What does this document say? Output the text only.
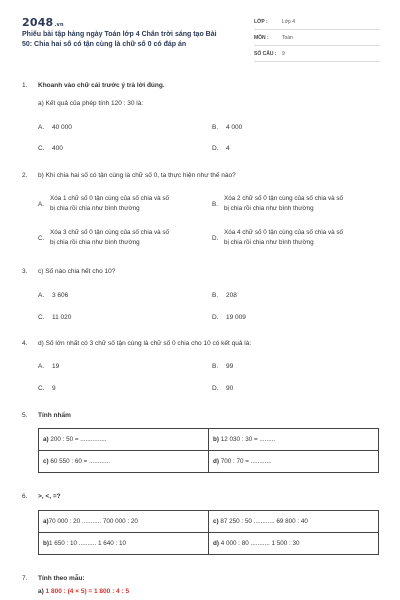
2048.vn
Phiếu bài tập hàng ngày Toán lớp 4 Chân trời sáng tạo Bài
50: Chia hai số có tận cùng là chữ số 0 có đáp án
LỚP :	Lớp 4
MÔN :	Toán
SỐ CÂU :	9
1. Khoanh vào chữ cái trước ý trả lời đúng.
a) Kết quả của phép tính 120 : 30 là:
A.	40 000	B.	4 000
C.	400	D.	4
2. b) Khi chia hai số có tận cùng là chữ số 0, ta thực hiện như thế nào?
A.
Xóa 1 chữ số 0 tận cùng của số chia và số
bị chia rồi chia như bình thường
B.
Xóa 2 chữ số 0 tận cùng của số chia và số
bị chia rồi chia như bình thường
C.
Xóa 3 chữ số 0 tận cùng của số chia và số
bị chia rồi chia như bình thường
D.
Xóa 4 chữ số 0 tận cùng của số chia và số
bị chia rồi chia như bình thường
3. c) Số nào chia hết cho 10?
A.	3 606	B.	208
C.	11 020	D.	19 009
4. d) Số lớn nhất có 3 chữ số tận cùng là chữ số 0 chia cho 10 có kết quả là:
A.	19	B.	99
C.	9	D.	90
5. Tính nhẩm
a) 200 : 50 = ...............	b) 12 030 : 30 = .........
c) 60 550 : 60 = ............	d) 700 : 70 = ............
6. >, <, =?
a)70 000 : 20 ........... 700 000 : 20	c) 87 250 : 50 ............ 69 800 : 40
b)1 650 : 10 .......... 1 640 : 10	d) 4 000 : 80 ........... 1 500 : 30
7. Tính theo mẫu:
a) 1 800 : (4 × 5) = 1 800 : 4 : 5
